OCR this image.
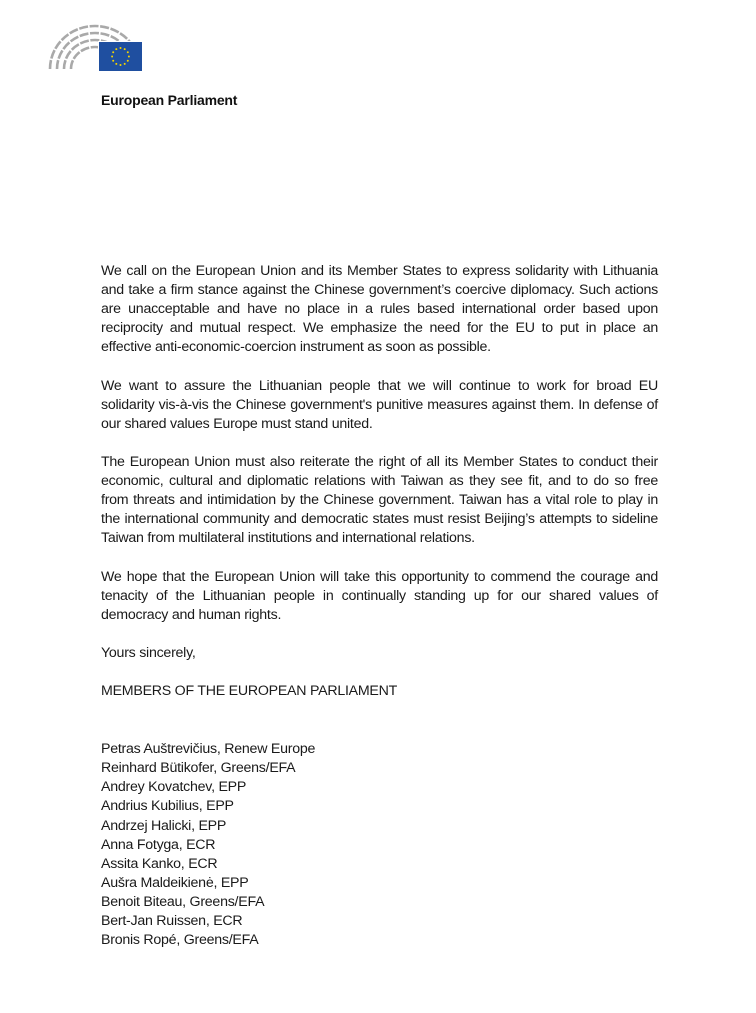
European Parliament

We call on the European Union and its Member States to express solidarity with Lithuania and take a firm stance against the Chinese government’s coercive diplomacy. Such actions are unacceptable and have no place in a rules based international order based upon reciprocity and mutual respect. We emphasize the need for the EU to put in place an effective anti-economic-coercion instrument as soon as possible.

We want to assure the Lithuanian people that we will continue to work for broad EU solidarity vis-à-vis the Chinese government's punitive measures against them. In defense of our shared values Europe must stand united.

The European Union must also reiterate the right of all its Member States to conduct their economic, cultural and diplomatic relations with Taiwan as they see fit, and to do so free from threats and intimidation by the Chinese government. Taiwan has a vital role to play in the international community and democratic states must resist Beijing’s attempts to sideline Taiwan from multilateral institutions and international relations.

We hope that the European Union will take this opportunity to commend the courage and tenacity of the Lithuanian people in continually standing up for our shared values of democracy and human rights.

Yours sincerely,
MEMBERS OF THE EUROPEAN PARLIAMENT
Petras Auštrevičius, Renew Europe
Reinhard Bütikofer, Greens/EFA
Andrey Kovatchev, EPP
Andrius Kubilius, EPP
Andrzej Halicki, EPP
Anna Fotyga, ECR
Assita Kanko, ECR
Aušra Maldeikienė, EPP
Benoit Biteau, Greens/EFA
Bert-Jan Ruissen, ECR
Bronis Ropé, Greens/EFA
